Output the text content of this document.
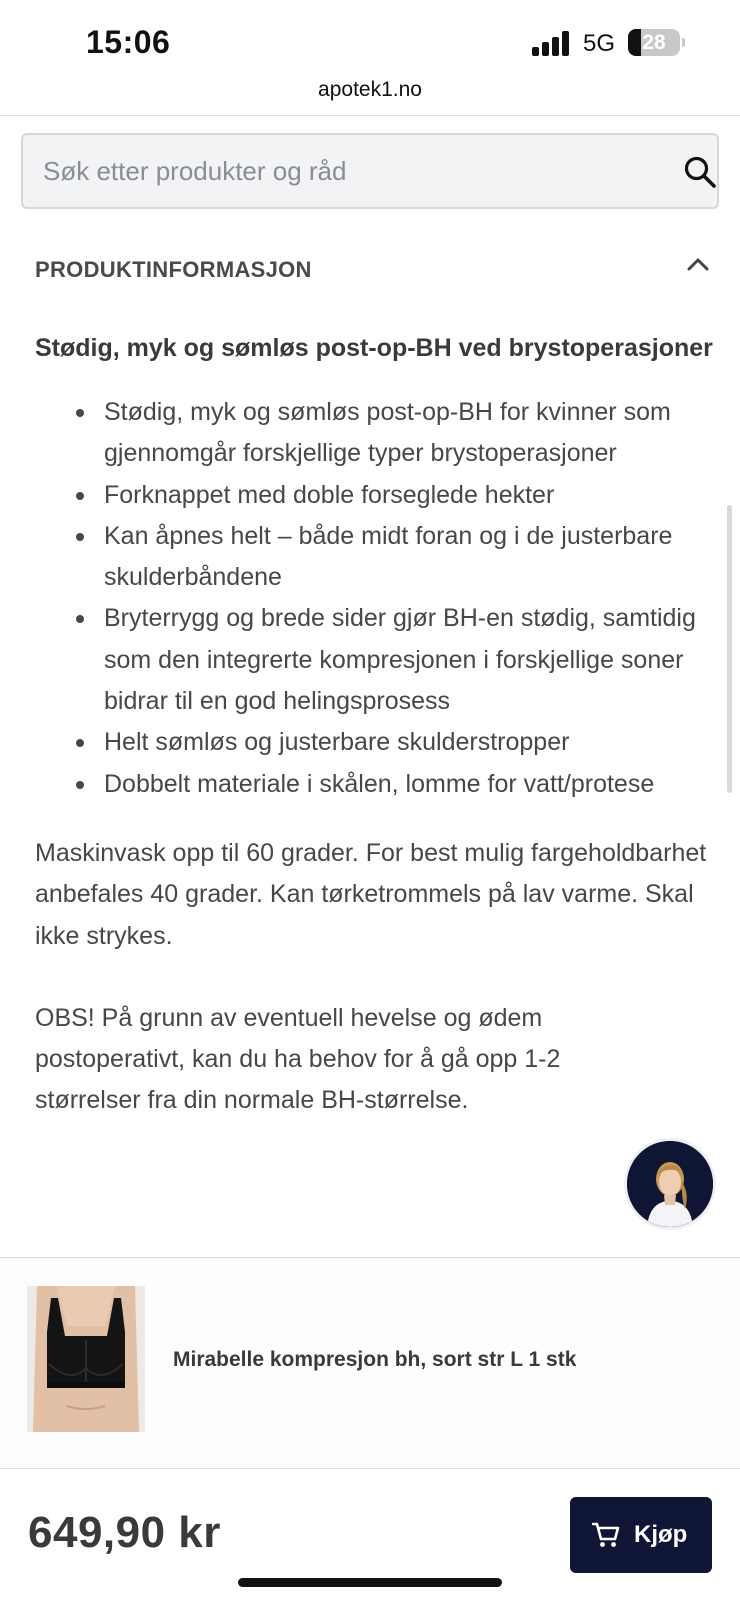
15:06	5G	28
apotek1.no
Søk etter produkter og råd
PRODUKTINFORMASJON
Stødig, myk og sømløs post-op-BH ved brystoperasjoner
Stødig, myk og sømløs post-op-BH for kvinner som gjennomgår forskjellige typer brystoperasjoner
Forknappet med doble forseglede hekter
Kan åpnes helt – både midt foran og i de justerbare skulderbåndene
Bryterrygg og brede sider gjør BH-en stødig, samtidig som den integrerte kompresjonen i forskjellige soner bidrar til en god helingsprosess
Helt sømløs og justerbare skulderstropper
Dobbelt materiale i skålen, lomme for vatt/protese

Maskinvask opp til 60 grader. For best mulig fargeholdbarhet anbefales 40 grader. Kan tørketrommels på lav varme. Skal ikke strykes.

OBS! På grunn av eventuell hevelse og ødem postoperativt, kan du ha behov for å gå opp 1-2 størrelser fra din normale BH-størrelse.

Mirabelle kompresjon bh, sort str L 1 stk
649,90 kr	Kjøp
